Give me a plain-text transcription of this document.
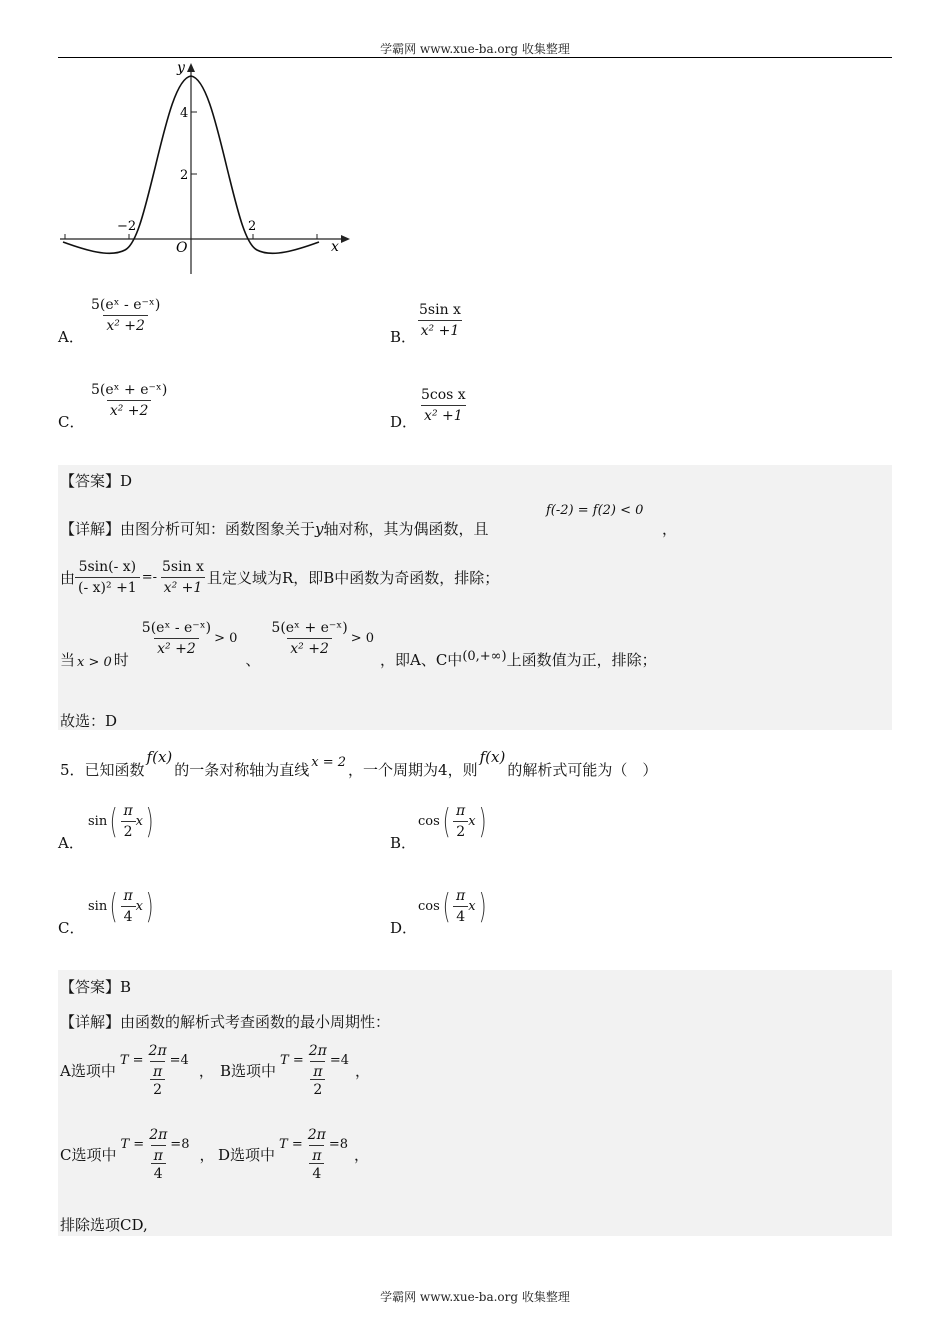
学霸网 www.xue-ba.org 收集整理
y
x
O
4
2
−2	2
A．
$\frac{\text{5(eˣ - e⁻ˣ)}}{\text{x² +2}}$
B． $\frac{\text{5sin x}}{\text{x² +1}}$
C．
$\frac{\text{5(eˣ + e⁻ˣ)}}{\text{x² +2}}$
D． $\frac{\text{5cos x}}{\text{x² +1}}$
【答案】D
【详解】由图分析可知：函数图象关于y轴对称，其为偶函数，且
f(-2) = f(2) < 0
，
由 $\frac{5\sin(- x)}{\text{(- x)² +1}} =- \frac{\text{5sin x}}{\text{x² +1}}$ 且定义域为R，即B中函数为奇函数，排除；
当 x > 0 时
$\frac{\text{5(eˣ - e⁻ˣ)}}{\text{x² +2}} > 0$
、
$\frac{\text{5(eˣ + e⁻ˣ)}}{\text{x² +2}} > 0$
，即A、C中 (0,+∞) 上函数值为正，排除；
故选：D
5．已知函数
f(x)
的一条对称轴为直线 x = 2 ，一个周期为4，则
f(x)
的解析式可能为（　）
A．
sin ( $\frac{\pi}{2}$ x )
B．
cos ( $\frac{\pi}{2}$ x )
C．
sin ( $\frac{\pi}{4}$ x )
D．
cos ( $\frac{\pi}{4}$ x )
【答案】B
【详解】由函数的解析式考查函数的最小周期性：
A选项中
T =
2π
π
2
=4
， B选项中
T =
2π
π
2
=4
，
C选项中
T =
2π
π
4
=8
， D选项中
T =
2π
π
4
=8
，
排除选项CD,
学霸网 www.xue-ba.org 收集整理
